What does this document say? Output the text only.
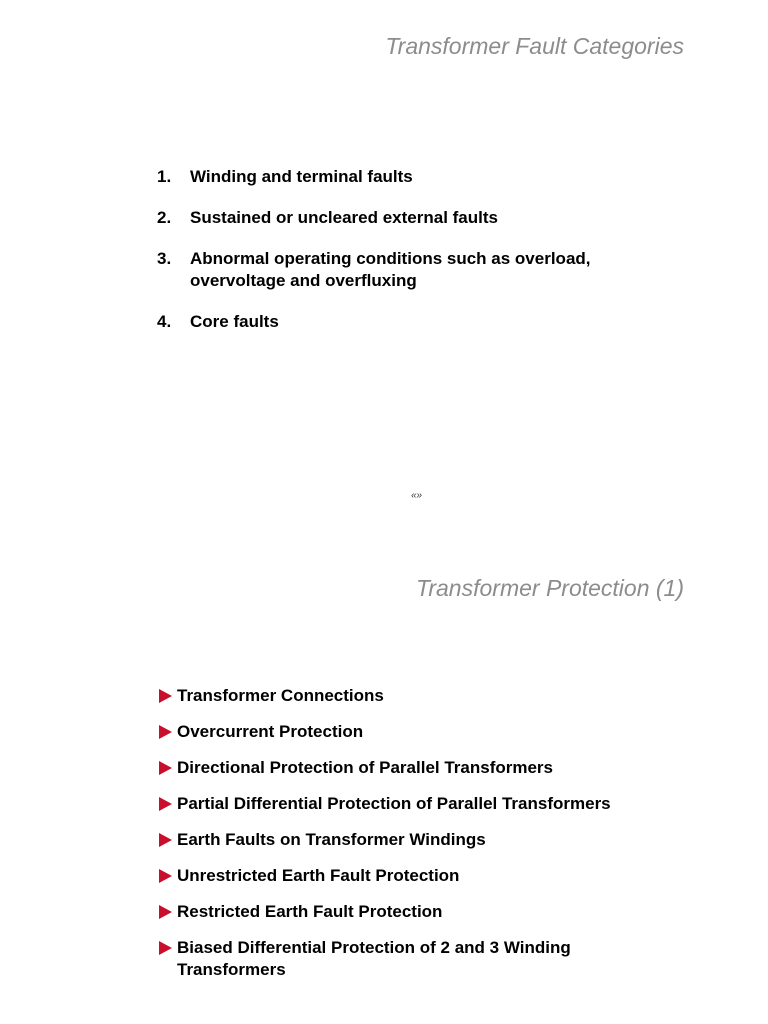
Transformer Fault Categories
1. Winding and terminal faults
2. Sustained or uncleared external faults
3. Abnormal operating conditions such as overload, overvoltage and overfluxing
4. Core faults
«»
Transformer Protection (1)
Transformer Connections
Overcurrent Protection
Directional Protection of Parallel Transformers
Partial Differential Protection of Parallel Transformers
Earth Faults on Transformer Windings
Unrestricted Earth Fault Protection
Restricted Earth Fault Protection
Biased Differential Protection of 2 and 3 Winding Transformers
